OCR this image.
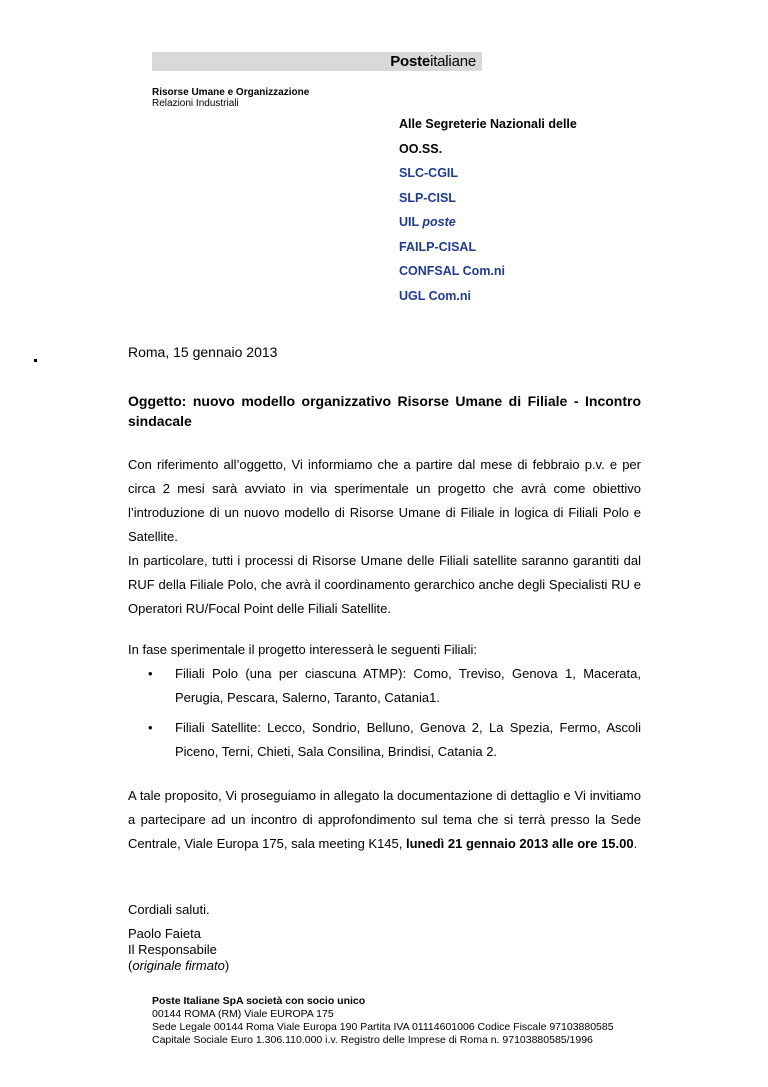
Posteitaliane
Risorse Umane e Organizzazione
Relazioni Industriali
Alle Segreterie Nazionali delle
OO.SS.
SLC-CGIL
SLP-CISL
UIL poste
FAILP-CISAL
CONFSAL Com.ni
UGL Com.ni
Roma, 15 gennaio 2013
Oggetto: nuovo modello organizzativo Risorse Umane di Filiale - Incontro sindacale
Con riferimento all’oggetto, Vi informiamo che a partire dal mese di febbraio p.v. e per circa 2 mesi sarà avviato in via sperimentale un progetto che avrà come obiettivo l’introduzione di un nuovo modello di Risorse Umane di Filiale in logica di Filiali Polo e Satellite.
In particolare, tutti i processi di Risorse Umane delle Filiali satellite saranno garantiti dal RUF della Filiale Polo, che avrà il coordinamento gerarchico anche degli Specialisti RU e Operatori RU/Focal Point delle Filiali Satellite.
In fase sperimentale il progetto interesserà le seguenti Filiali:
• Filiali Polo (una per ciascuna ATMP): Como, Treviso, Genova 1, Macerata, Perugia, Pescara, Salerno, Taranto, Catania1.
• Filiali Satellite: Lecco, Sondrio, Belluno, Genova 2, La Spezia, Fermo, Ascoli Piceno, Terni, Chieti, Sala Consilina, Brindisi, Catania 2.
A tale proposito, Vi proseguiamo in allegato la documentazione di dettaglio e Vi invitiamo a partecipare ad un incontro di approfondimento sul tema che si terrà presso la Sede Centrale, Viale Europa 175, sala meeting K145, lunedì 21 gennaio 2013 alle ore 15.00.
Cordiali saluti.
Paolo Faieta
Il Responsabile
(originale firmato)
Poste Italiane SpA società con socio unico
00144 ROMA (RM) Viale EUROPA 175
Sede Legale 00144 Roma Viale Europa 190 Partita IVA 01114601006 Codice Fiscale 97103880585
Capitale Sociale Euro 1.306.110.000 i.v. Registro delle Imprese di Roma n. 97103880585/1996
